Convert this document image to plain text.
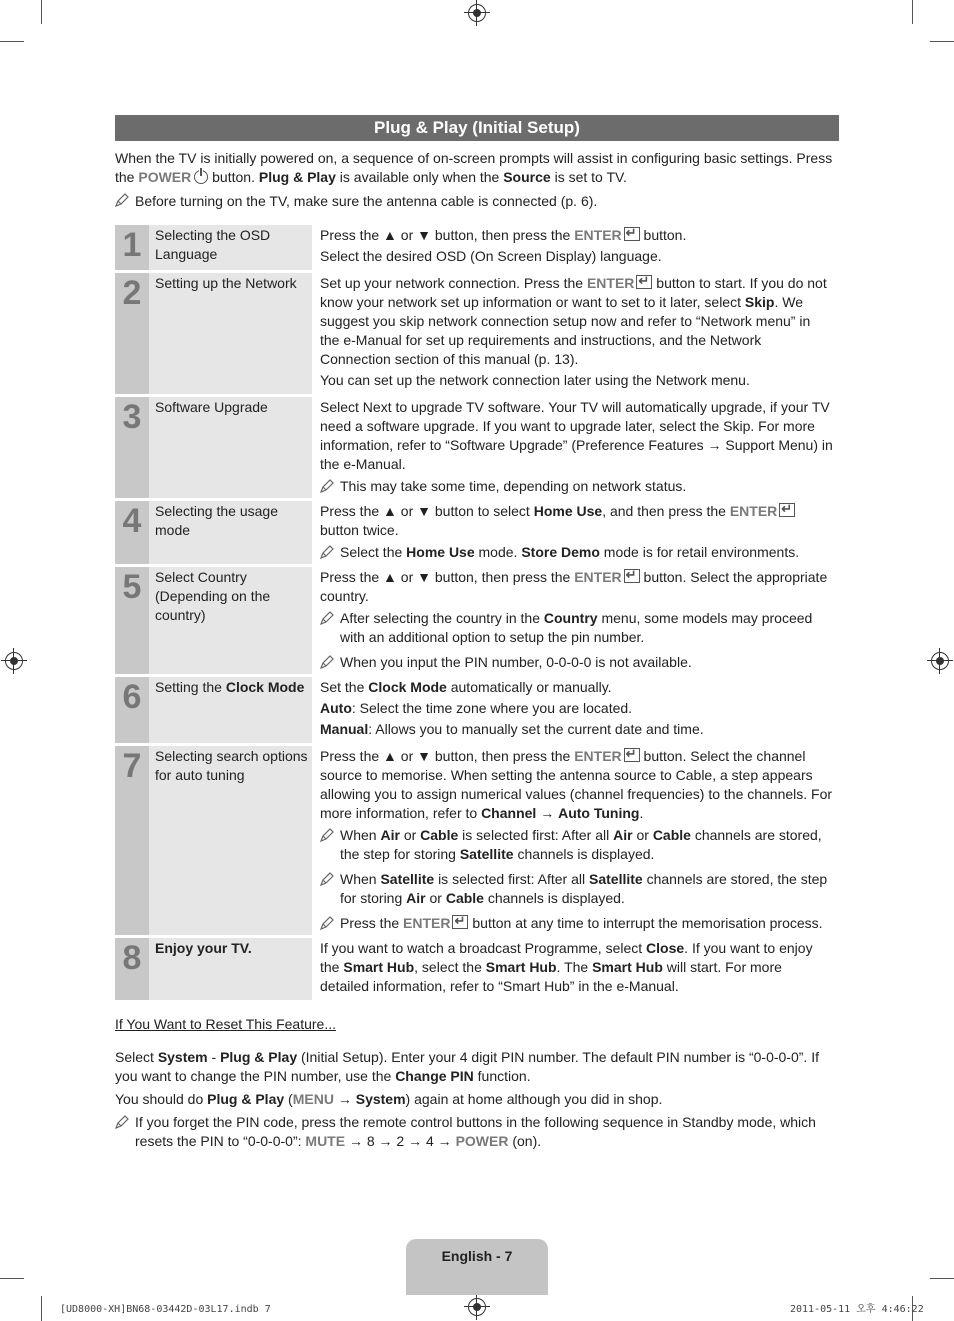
Plug & Play (Initial Setup)

When the TV is initially powered on, a sequence of on-screen prompts will assist in configuring basic settings. Press the POWER button. Plug & Play is available only when the Source is set to TV.

Before turning on the TV, make sure the antenna cable is connected (p. 6).

1	Selecting the OSD Language	Press the ▲ or ▼ button, then press the ENTER ↵ button.

Select the desired OSD (On Screen Display) language.

2	Setting up the Network	Set up your network connection. Press the ENTER ↵ button to start. If you do not know your network set up information or want to set to it later, select Skip. We suggest you skip network connection setup now and refer to “Network menu” in the e-Manual for set up requirements and instructions, and the Network Connection section of this manual (p. 13).

You can set up the network connection later using the Network menu.

3	Software Upgrade	Select Next to upgrade TV software. Your TV will automatically upgrade, if your TV need a software upgrade. If you want to upgrade later, select the Skip. For more information, refer to “Software Upgrade” (Preference Features → Support Menu) in the e-Manual.

This may take some time, depending on network status.

4	Selecting the usage mode	Press the ▲ or ▼ button to select Home Use, and then press the ENTER↵ button twice.

Select the Home Use mode. Store Demo mode is for retail environments.

5	Select Country (Depending on the country)	Press the ▲ or ▼ button, then press the ENTER ↵ button. Select the appropriate country.

After selecting the country in the Country menu, some models may proceed with an additional option to setup the pin number.
When you input the PIN number, 0-0-0-0 is not available.

6	Setting the Clock Mode	Set the Clock Mode automatically or manually.

Auto: Select the time zone where you are located.

Manual: Allows you to manually set the current date and time.

7	Selecting search options for auto tuning	Press the ▲ or ▼ button, then press the ENTER ↵ button. Select the channel source to memorise. When setting the antenna source to Cable, a step appears allowing you to assign numerical values (channel frequencies) to the channels. For more information, refer to Channel → Auto Tuning.

When Air or Cable is selected first: After all Air or Cable channels are stored, the step for storing Satellite channels is displayed.
When Satellite is selected first: After all Satellite channels are stored, the step for storing Air or Cable channels is displayed.
Press the ENTER ↵ button at any time to interrupt the memorisation process.

8	Enjoy your TV.	If you want to watch a broadcast Programme, select Close. If you want to enjoy the Smart Hub, select the Smart Hub. The Smart Hub will start. For more detailed information, refer to “Smart Hub” in the e-Manual.

If You Want to Reset This Feature...

Select System - Plug & Play (Initial Setup). Enter your 4 digit PIN number. The default PIN number is “0-0-0-0”. If you want to change the PIN number, use the Change PIN function.

You should do Plug & Play (MENU → System) again at home although you did in shop.

If you forget the PIN code, press the remote control buttons in the following sequence in Standby mode, which resets the PIN to “0-0-0-0”: MUTE → 8 → 2 → 4 → POWER (on).
English - 7
[UD8000-XH]BN68-03442D-03L17.indb 7	2011-05-11 오후 4:46:22
